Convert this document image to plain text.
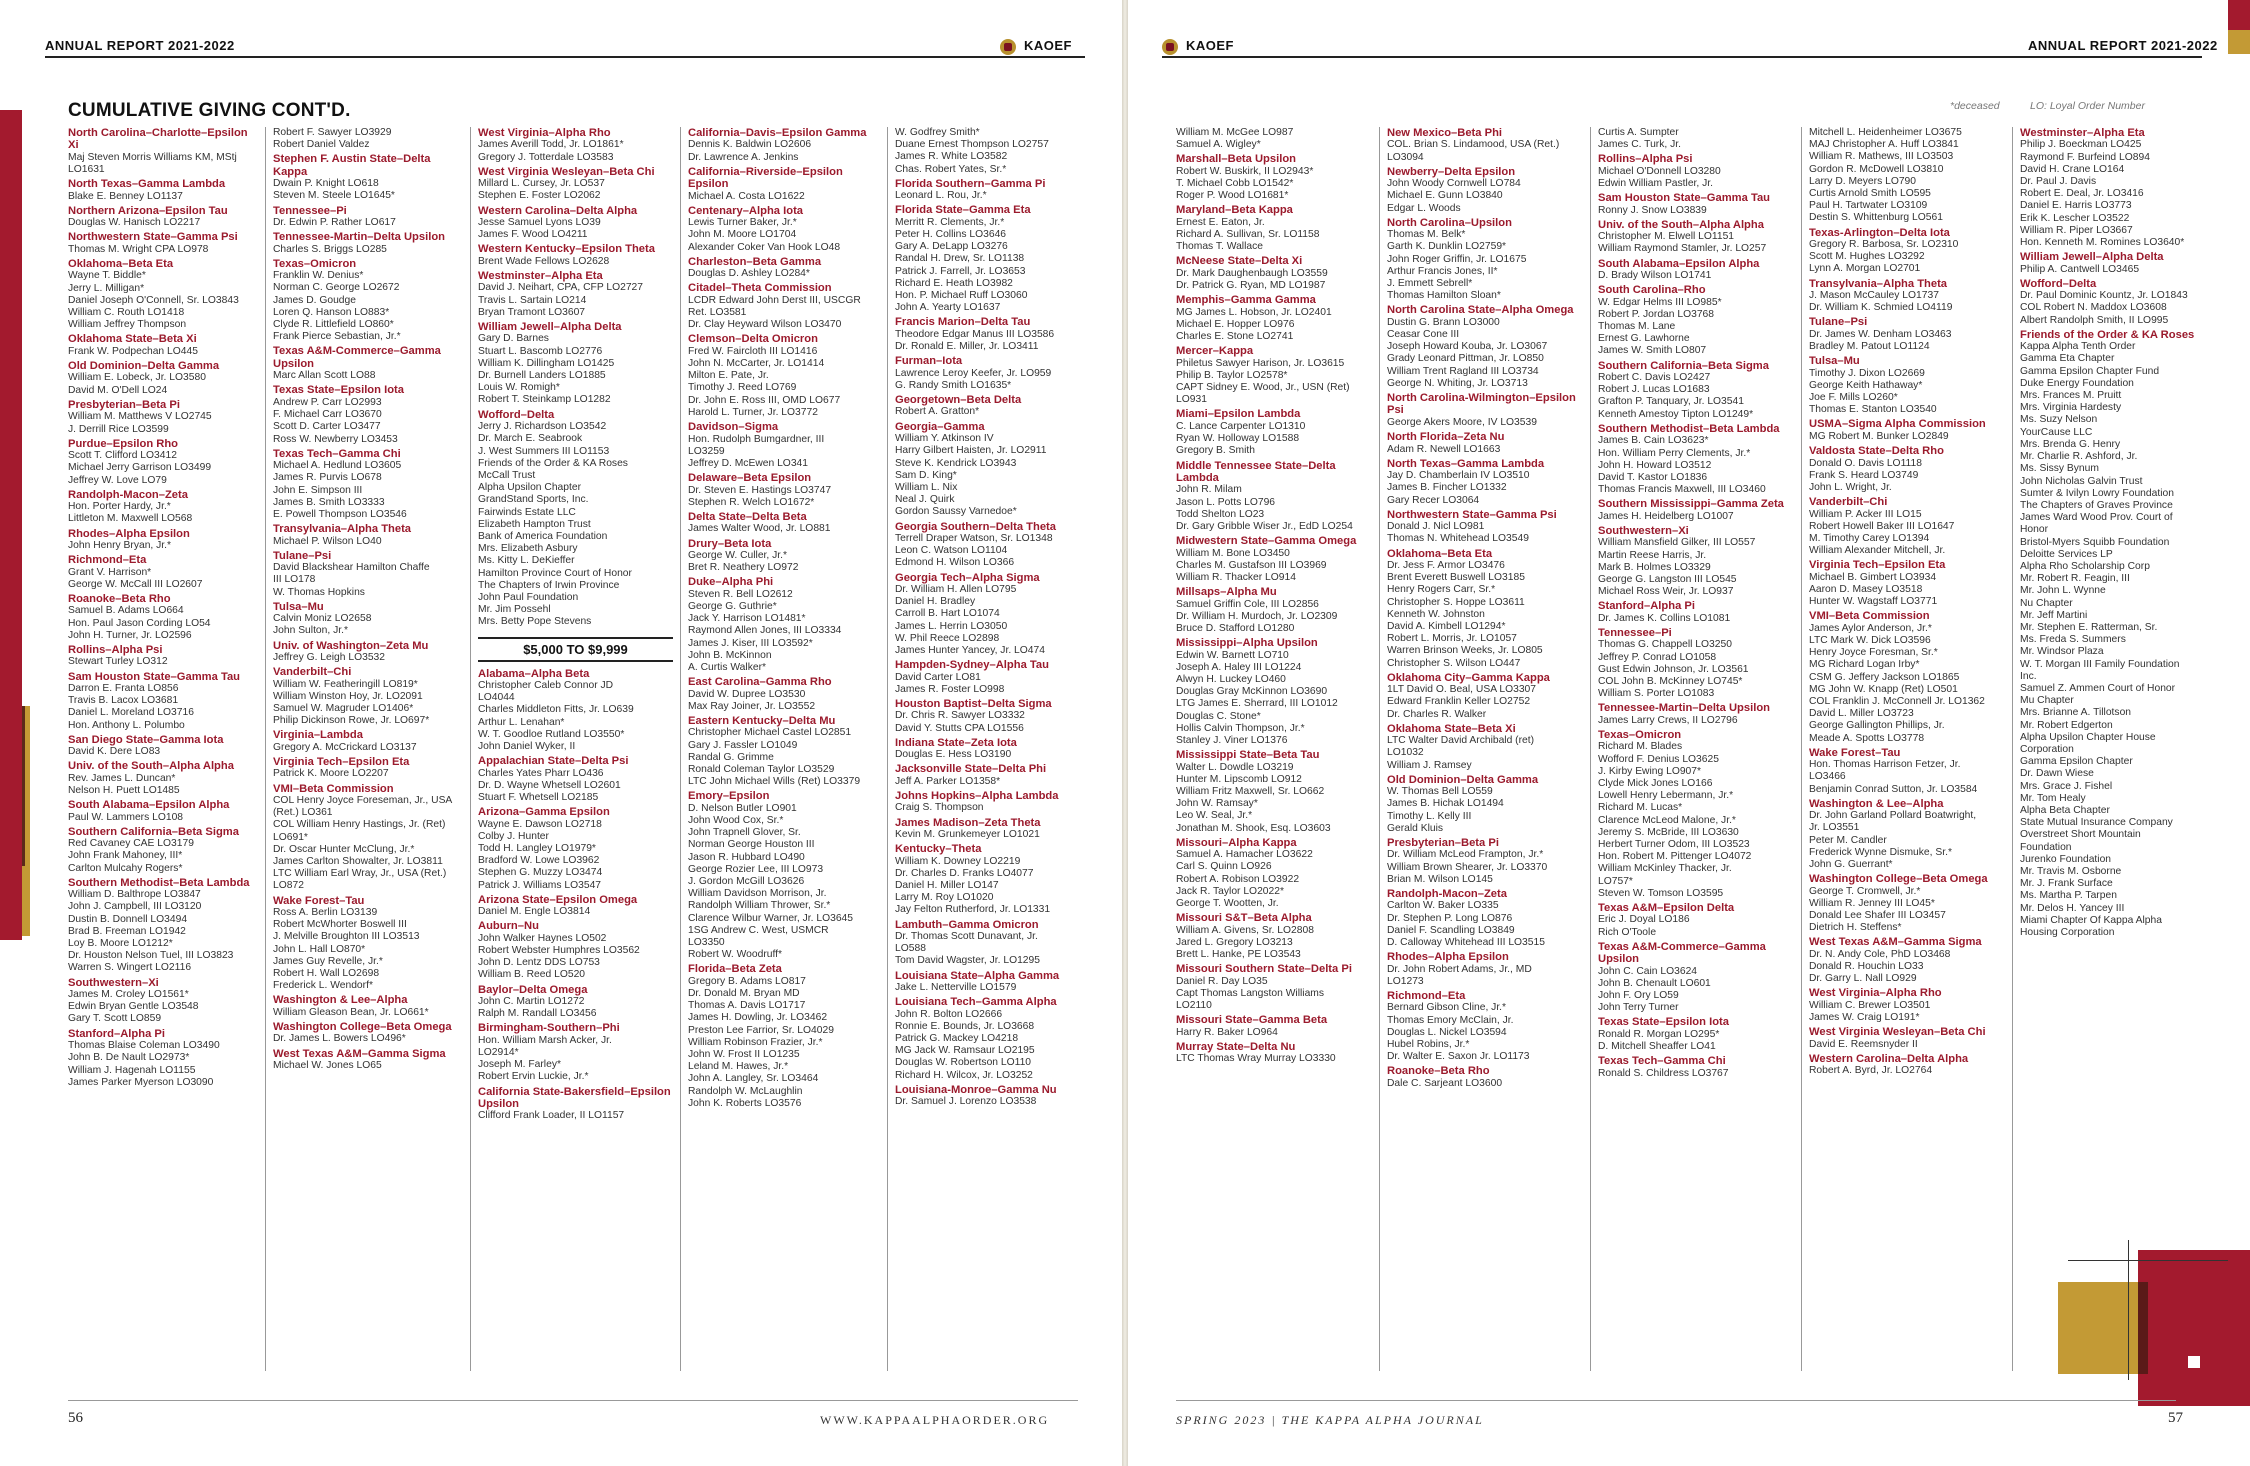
ANNUAL REPORT 2021-2022	KAOEF
CUMULATIVE GIVING CONT'D.
North Carolina–Charlotte–Epsilon Xi
Maj Steven Morris Williams KM, MStj
LO1631
North Texas–Gamma Lambda
Blake E. Benney LO1137
Northern Arizona–Epsilon Tau
Douglas W. Hanisch LO2217
Northwestern State–Gamma Psi
Thomas M. Wright CPA LO978
Oklahoma–Beta Eta
Wayne T. Biddle*
Jerry L. Milligan*
Daniel Joseph O'Connell, Sr. LO3843
William C. Routh LO1418
William Jeffrey Thompson
Oklahoma State–Beta Xi
Frank W. Podpechan LO445
Old Dominion–Delta Gamma
William E. Lobeck, Jr. LO3580
David M. O'Dell LO24
Presbyterian–Beta Pi
William M. Matthews V LO2745
J. Derrill Rice LO3599
Purdue–Epsilon Rho
Scott T. Clifford LO3412
Michael Jerry Garrison LO3499
Jeffrey W. Love LO79
Randolph-Macon–Zeta
Hon. Porter Hardy, Jr.*
Littleton M. Maxwell LO568
Rhodes–Alpha Epsilon
John Henry Bryan, Jr.*
Richmond–Eta
Grant V. Harrison*
George W. McCall III LO2607
Roanoke–Beta Rho
Samuel B. Adams LO664
Hon. Paul Jason Cording LO54
John H. Turner, Jr. LO2596
Rollins–Alpha Psi
Stewart Turley LO312
Sam Houston State–Gamma Tau
Darron E. Franta LO856
Travis B. Lacox LO3681
Daniel L. Moreland LO3716
Hon. Anthony L. Polumbo
San Diego State–Gamma Iota
David K. Dere LO83
Univ. of the South–Alpha Alpha
Rev. James L. Duncan*
Nelson H. Puett LO1485
South Alabama–Epsilon Alpha
Paul W. Lammers LO108
Southern California–Beta Sigma
Red Cavaney CAE LO3179
John Frank Mahoney, III*
Carlton Mulcahy Rogers*
Southern Methodist–Beta Lambda
William D. Balthrope LO3847
John J. Campbell, III LO3120
Dustin B. Donnell LO3494
Brad B. Freeman LO1942
Loy B. Moore LO1212*
Dr. Houston Nelson Tuel, III LO3823
Warren S. Wingert LO2116
Southwestern–Xi
James M. Croley LO1561*
Edwin Bryan Gentle LO3548
Gary T. Scott LO859
Stanford–Alpha Pi
Thomas Blaise Coleman LO3490
John B. De Nault LO2973*
William J. Hagenah LO1155
James Parker Myerson LO3090
Robert F. Sawyer LO3929
Robert Daniel Valdez
Stephen F. Austin State–Delta Kappa
Dwain P. Knight LO618
Steven M. Steele LO1645*
Tennessee–Pi
Dr. Edwin P. Rather LO617
Tennessee-Martin–Delta Upsilon
Charles S. Briggs LO285
Texas–Omicron
Franklin W. Denius*
Norman C. George LO2672
James D. Goudge
Loren Q. Hanson LO883*
Clyde R. Littlefield LO860*
Frank Pierce Sebastian, Jr.*
Texas A&M-Commerce–Gamma Upsilon
Marc Allan Scott LO88
Texas State–Epsilon Iota
Andrew P. Carr LO2993
F. Michael Carr LO3670
Scott D. Carter LO3477
Ross W. Newberry LO3453
Texas Tech–Gamma Chi
Michael A. Hedlund LO3605
James R. Purvis LO678
John E. Simpson III
James B. Smith LO3333
E. Powell Thompson LO3546
Transylvania–Alpha Theta
Michael P. Wilson LO40
Tulane–Psi
David Blackshear Hamilton Chaffe
III LO178
W. Thomas Hopkins
Tulsa–Mu
Calvin Moniz LO2658
John Sulton, Jr.*
Univ. of Washington–Zeta Mu
Jeffrey G. Leigh LO3532
Vanderbilt–Chi
William W. Featheringill LO819*
William Winston Hoy, Jr. LO2091
Samuel W. Magruder LO1406*
Philip Dickinson Rowe, Jr. LO697*
Virginia–Lambda
Gregory A. McCrickard LO3137
Virginia Tech–Epsilon Eta
Patrick K. Moore LO2207
VMI–Beta Commission
COL Henry Joyce Foreseman, Jr., USA
(Ret.) LO361
COL William Henry Hastings, Jr. (Ret)
LO691*
Dr. Oscar Hunter McClung, Jr.*
James Carlton Showalter, Jr. LO3811
LTC William Earl Wray, Jr., USA (Ret.)
LO872
Wake Forest–Tau
Ross A. Berlin LO3139
Robert McWhorter Boswell III
J. Melville Broughton III LO3513
John L. Hall LO870*
James Guy Revelle, Jr.*
Robert H. Wall LO2698
Frederick L. Wendorf*
Washington & Lee–Alpha
William Gleason Bean, Jr. LO661*
Washington College–Beta Omega
Dr. James L. Bowers LO496*
West Texas A&M–Gamma Sigma
Michael W. Jones LO65
West Virginia–Alpha Rho
James Averill Todd, Jr. LO1861*
Gregory J. Totterdale LO3583
West Virginia Wesleyan–Beta Chi
Millard L. Cursey, Jr. LO537
Stephen E. Foster LO2062
Western Carolina–Delta Alpha
Jesse Samuel Lyons LO39
James F. Wood LO4211
Western Kentucky–Epsilon Theta
Brent Wade Fellows LO2628
Westminster–Alpha Eta
David J. Neihart, CPA, CFP LO2727
Travis L. Sartain LO214
Bryan Tramont LO3607
William Jewell–Alpha Delta
Gary D. Barnes
Stuart L. Bascomb LO2776
William K. Dillingham LO1425
Dr. Burnell Landers LO1885
Louis W. Romigh*
Robert T. Steinkamp LO1282
Wofford–Delta
Jerry J. Richardson LO3542
Dr. March E. Seabrook
J. West Summers III LO1153
Friends of the Order & KA Roses
McCall Trust
Alpha Upsilon Chapter
GrandStand Sports, Inc.
Fairwinds Estate LLC
Elizabeth Hampton Trust
Bank of America Foundation
Mrs. Elizabeth Asbury
Ms. Kitty L. DeKieffer
Hamilton Province Court of Honor
The Chapters of Irwin Province
John Paul Foundation
Mr. Jim Possehl
Mrs. Betty Pope Stevens
$5,000 TO $9,999
Alabama–Alpha Beta
Christopher Caleb Connor JD
LO4044
Charles Middleton Fitts, Jr. LO639
Arthur L. Lenahan*
W. T. Goodloe Rutland LO3550*
John Daniel Wyker, II
Appalachian State–Delta Psi
Charles Yates Pharr LO436
Dr. D. Wayne Whetsell LO2601
Stuart F. Whetsell LO2185
Arizona–Gamma Epsilon
Wayne E. Dawson LO2718
Colby J. Hunter
Todd H. Langley LO1979*
Bradford W. Lowe LO3962
Stephen G. Muzzy LO3474
Patrick J. Williams LO3547
Arizona State–Epsilon Omega
Daniel M. Engle LO3814
Auburn–Nu
John Walker Haynes LO502
Robert Webster Humphres LO3562
John D. Lentz DDS LO753
William B. Reed LO520
Baylor–Delta Omega
John C. Martin LO1272
Ralph M. Randall LO3456
Birmingham-Southern–Phi
Hon. William Marsh Acker, Jr.
LO2914*
Joseph M. Farley*
Robert Ervin Luckie, Jr.*
California State-Bakersfield–Epsilon Upsilon
Clifford Frank Loader, II LO1157
California–Davis–Epsilon Gamma
Dennis K. Baldwin LO2606
Dr. Lawrence A. Jenkins
California–Riverside–Epsilon Epsilon
Michael A. Costa LO1622
Centenary–Alpha Iota
Lewis Turner Baker, Jr.*
John M. Moore LO1704
Alexander Coker Van Hook LO48
Charleston–Beta Gamma
Douglas D. Ashley LO284*
Citadel–Theta Commission
LCDR Edward John Derst III, USCGR
Ret. LO3581
Dr. Clay Heyward Wilson LO3470
Clemson–Delta Omicron
Fred W. Faircloth III LO1416
John N. McCarter, Jr. LO1414
Milton E. Pate, Jr.
Timothy J. Reed LO769
Dr. John E. Ross III, OMD LO677
Harold L. Turner, Jr. LO3772
Davidson–Sigma
Hon. Rudolph Bumgardner, III
LO3259
Jeffrey D. McEwen LO341
Delaware–Beta Epsilon
Dr. Steven E. Hastings LO3747
Stephen R. Welch LO1672*
Delta State–Delta Beta
James Walter Wood, Jr. LO881
Drury–Beta Iota
George W. Culler, Jr.*
Bret R. Neathery LO972
Duke–Alpha Phi
Steven R. Bell LO2612
George G. Guthrie*
Jack Y. Harrison LO1481*
Raymond Allen Jones, III LO3334
James J. Kiser, III LO3592*
John B. McKinnon
A. Curtis Walker*
East Carolina–Gamma Rho
David W. Dupree LO3530
Max Ray Joiner, Jr. LO3552
Eastern Kentucky–Delta Mu
Christopher Michael Castel LO2851
Gary J. Fassler LO1049
Randal G. Grimme
Ronald Coleman Taylor LO3529
LTC John Michael Wills (Ret) LO3379
Emory–Epsilon
D. Nelson Butler LO901
John Wood Cox, Sr.*
John Trapnell Glover, Sr.
Norman George Houston III
Jason R. Hubbard LO490
George Rozier Lee, III LO973
J. Gordon McGill LO3626
William Davidson Morrison, Jr.
Randolph William Thrower, Sr.*
Clarence Wilbur Warner, Jr. LO3645
1SG Andrew C. West, USMCR
LO3350
Robert W. Woodruff*
Florida–Beta Zeta
Gregory B. Adams LO817
Dr. Donald M. Bryan MD
Thomas A. Davis LO1717
James H. Dowling, Jr. LO3462
Preston Lee Farrior, Sr. LO4029
William Robinson Frazier, Jr.*
John W. Frost II LO1235
Leland M. Hawes, Jr.*
John A. Langley, Sr. LO3464
Randolph W. McLaughlin
John K. Roberts LO3576
W. Godfrey Smith*
Duane Ernest Thompson LO2757
James R. White LO3582
Chas. Robert Yates, Sr.*
Florida Southern–Gamma Pi
Leonard L. Rou, Jr.*
Florida State–Gamma Eta
Merritt R. Clements, Jr.*
Peter H. Collins LO3646
Gary A. DeLapp LO3276
Randal H. Drew, Sr. LO1138
Patrick J. Farrell, Jr. LO3653
Richard E. Heath LO3982
Hon. P. Michael Ruff LO3060
John A. Yearty LO1637
Francis Marion–Delta Tau
Theodore Edgar Manus III LO3586
Dr. Ronald E. Miller, Jr. LO3411
Furman–Iota
Lawrence Leroy Keefer, Jr. LO959
G. Randy Smith LO1635*
Georgetown–Beta Delta
Robert A. Gratton*
Georgia–Gamma
William Y. Atkinson IV
Harry Gilbert Haisten, Jr. LO2911
Steve K. Kendrick LO3943
Sam D. King*
William L. Nix
Neal J. Quirk
Gordon Saussy Varnedoe*
Georgia Southern–Delta Theta
Terrell Draper Watson, Sr. LO1348
Leon C. Watson LO1104
Edmond H. Wilson LO366
Georgia Tech–Alpha Sigma
Dr. William H. Allen LO795
Daniel H. Bradley
Carroll B. Hart LO1074
James L. Herrin LO3050
W. Phil Reece LO2898
James Hunter Yancey, Jr. LO474
Hampden-Sydney–Alpha Tau
David Carter LO81
James R. Foster LO998
Houston Baptist–Delta Sigma
Dr. Chris R. Sawyer LO3332
David Y. Stutts CPA LO1556
Indiana State–Zeta Iota
Douglas E. Hess LO3190
Jacksonville State–Delta Phi
Jeff A. Parker LO1358*
Johns Hopkins–Alpha Lambda
Craig S. Thompson
James Madison–Zeta Theta
Kevin M. Grunkemeyer LO1021
Kentucky–Theta
William K. Downey LO2219
Dr. Charles D. Franks LO4077
Daniel H. Miller LO147
Larry M. Roy LO1020
Jay Felton Rutherford, Jr. LO1331
Lambuth–Gamma Omicron
Dr. Thomas Scott Dunavant, Jr.
LO588
Tom David Wagster, Jr. LO1295
Louisiana State–Alpha Gamma
Jake L. Netterville LO1579
Louisiana Tech–Gamma Alpha
John R. Bolton LO2666
Ronnie E. Bounds, Jr. LO3668
Patrick G. Mackey LO4218
MG Jack W. Ramsaur LO2195
Douglas W. Robertson LO110
Richard H. Wilcox, Jr. LO3252
Louisiana-Monroe–Gamma Nu
Dr. Samuel J. Lorenzo LO3538
56	WWW.KAPPAALPHAORDER.ORG
KAOEF	ANNUAL REPORT 2021-2022
*deceased	LO: Loyal Order Number
William M. McGee LO987
Samuel A. Wigley*
Marshall–Beta Upsilon
Robert W. Buskirk, II LO2943*
T. Michael Cobb LO1542*
Roger P. Wood LO1681*
Maryland–Beta Kappa
Ernest E. Eaton, Jr.
Richard A. Sullivan, Sr. LO1158
Thomas T. Wallace
McNeese State–Delta Xi
Dr. Mark Daughenbaugh LO3559
Dr. Patrick G. Ryan, MD LO1987
Memphis–Gamma Gamma
MG James L. Hobson, Jr. LO2401
Michael E. Hopper LO976
Charles E. Stone LO2741
Mercer–Kappa
Philetus Sawyer Harison, Jr. LO3615
Philip B. Taylor LO2578*
CAPT Sidney E. Wood, Jr., USN (Ret)
LO931
Miami–Epsilon Lambda
C. Lance Carpenter LO1310
Ryan W. Holloway LO1588
Gregory B. Smith
Middle Tennessee State–Delta Lambda
John R. Milam
Jason L. Potts LO796
Todd Shelton LO23
Dr. Gary Gribble Wiser Jr., EdD LO254
Midwestern State–Gamma Omega
William M. Bone LO3450
Charles M. Gustafson III LO3969
William R. Thacker LO914
Millsaps–Alpha Mu
Samuel Griffin Cole, III LO2856
Dr. William H. Murdoch, Jr. LO2309
Bruce D. Stafford LO1280
Mississippi–Alpha Upsilon
Edwin W. Barnett LO710
Joseph A. Haley III LO1224
Alwyn H. Luckey LO460
Douglas Gray McKinnon LO3690
LTG James E. Sherrard, III LO1012
Douglas C. Stone*
Hollis Calvin Thompson, Jr.*
Stanley J. Viner LO1376
Mississippi State–Beta Tau
Walter L. Dowdle LO3219
Hunter M. Lipscomb LO912
William Fritz Maxwell, Sr. LO662
John W. Ramsay*
Leo W. Seal, Jr.*
Jonathan M. Shook, Esq. LO3603
Missouri–Alpha Kappa
Samuel A. Hamacher LO3622
Carl S. Quinn LO926
Robert A. Robison LO3922
Jack R. Taylor LO2022*
George T. Wootten, Jr.
Missouri S&T–Beta Alpha
William A. Givens, Sr. LO2808
Jared L. Gregory LO3213
Brett L. Hanke, PE LO3543
Missouri Southern State–Delta Pi
Daniel R. Day LO35
Capt Thomas Langston Williams
LO2110
Missouri State–Gamma Beta
Harry R. Baker LO964
Murray State–Delta Nu
LTC Thomas Wray Murray LO3330
New Mexico–Beta Phi
COL. Brian S. Lindamood, USA (Ret.)
LO3094
Newberry–Delta Epsilon
John Woody Cornwell LO784
Michael E. Gunn LO3840
Edgar L. Woods
North Carolina–Upsilon
Thomas M. Belk*
Garth K. Dunklin LO2759*
John Roger Griffin, Jr. LO1675
Arthur Francis Jones, II*
J. Emmett Sebrell*
Thomas Hamilton Sloan*
North Carolina State–Alpha Omega
Dustin G. Brann LO3000
Ceasar Cone III
Joseph Howard Kouba, Jr. LO3067
Grady Leonard Pittman, Jr. LO850
William Trent Ragland III LO3734
George N. Whiting, Jr. LO3713
North Carolina-Wilmington–Epsilon Psi
George Akers Moore, IV LO3539
North Florida–Zeta Nu
Adam R. Newell LO1663
North Texas–Gamma Lambda
Jay D. Chamberlain IV LO3510
James B. Fincher LO1332
Gary Recer LO3064
Northwestern State–Gamma Psi
Donald J. Nicl LO981
Thomas N. Whitehead LO3549
Oklahoma–Beta Eta
Dr. Jess F. Armor LO3476
Brent Everett Buswell LO3185
Henry Rogers Carr, Sr.*
Christopher S. Hoppe LO3611
Kenneth W. Johnston
David A. Kimbell LO1294*
Robert L. Morris, Jr. LO1057
Warren Brinson Weeks, Jr. LO805
Christopher S. Wilson LO447
Oklahoma City–Gamma Kappa
1LT David O. Beal, USA LO3307
Edward Franklin Keller LO2752
Dr. Charles R. Walker
Oklahoma State–Beta Xi
LTC Walter David Archibald (ret)
LO1032
William J. Ramsey
Old Dominion–Delta Gamma
W. Thomas Bell LO559
James B. Hichak LO1494
Timothy L. Kelly III
Gerald Kluis
Presbyterian–Beta Pi
Dr. William McLeod Frampton, Jr.*
William Brown Shearer, Jr. LO3370
Brian M. Wilson LO145
Randolph-Macon–Zeta
Carlton W. Baker LO335
Dr. Stephen P. Long LO876
Daniel F. Scandling LO3849
D. Calloway Whitehead III LO3515
Rhodes–Alpha Epsilon
Dr. John Robert Adams, Jr., MD
LO1273
Richmond–Eta
Bernard Gibson Cline, Jr.*
Thomas Emory McClain, Jr.
Douglas L. Nickel LO3594
Hubel Robins, Jr.*
Dr. Walter E. Saxon Jr. LO1173
Roanoke–Beta Rho
Dale C. Sarjeant LO3600
Curtis A. Sumpter
James C. Turk, Jr.
Rollins–Alpha Psi
Michael O'Donnell LO3280
Edwin William Pastler, Jr.
Sam Houston State–Gamma Tau
Ronny J. Snow LO3839
Univ. of the South–Alpha Alpha
Christopher M. Elwell LO1151
William Raymond Stamler, Jr. LO257
South Alabama–Epsilon Alpha
D. Brady Wilson LO1741
South Carolina–Rho
W. Edgar Helms III LO985*
Robert P. Jordan LO3768
Thomas M. Lane
Ernest G. Lawhorne
James W. Smith LO807
Southern California–Beta Sigma
Robert C. Davis LO2427
Robert J. Lucas LO1683
Grafton P. Tanquary, Jr. LO3541
Kenneth Amestoy Tipton LO1249*
Southern Methodist–Beta Lambda
James B. Cain LO3623*
Hon. William Perry Clements, Jr.*
John H. Howard LO3512
David T. Kastor LO1836
Thomas Francis Maxwell, III LO3460
Southern Mississippi–Gamma Zeta
James H. Heidelberg LO1007
Southwestern–Xi
William Mansfield Gilker, III LO557
Martin Reese Harris, Jr.
Mark B. Holmes LO3329
George G. Langston III LO545
Michael Ross Weir, Jr. LO937
Stanford–Alpha Pi
Dr. James K. Collins LO1081
Tennessee–Pi
Thomas G. Chappell LO3250
Jeffrey P. Conrad LO1058
Gust Edwin Johnson, Jr. LO3561
COL John B. McKinney LO745*
William S. Porter LO1083
Tennessee-Martin–Delta Upsilon
James Larry Crews, II LO2796
Texas–Omicron
Richard M. Blades
Wofford F. Denius LO3625
J. Kirby Ewing LO907*
Clyde Mick Jones LO166
Lowell Henry Lebermann, Jr.*
Richard M. Lucas*
Clarence McLeod Malone, Jr.*
Jeremy S. McBride, III LO3630
Herbert Turner Odom, III LO3523
Hon. Robert M. Pittenger LO4072
William McKinley Thacker, Jr.
LO757*
Steven W. Tomson LO3595
Texas A&M–Epsilon Delta
Eric J. Doyal LO186
Rich O'Toole
Texas A&M-Commerce–Gamma Upsilon
John C. Cain LO3624
John B. Chenault LO601
John F. Ory LO59
John Terry Turner
Texas State–Epsilon Iota
Ronald R. Morgan LO295*
D. Mitchell Sheaffer LO41
Texas Tech–Gamma Chi
Ronald S. Childress LO3767
Mitchell L. Heidenheimer LO3675
MAJ Christopher A. Huff LO3841
William R. Mathews, III LO3503
Gordon R. McDowell LO3810
Larry D. Meyers LO790
Curtis Arnold Smith LO595
Paul H. Tartwater LO3109
Destin S. Whittenburg LO561
Texas-Arlington–Delta Iota
Gregory R. Barbosa, Sr. LO2310
Scott M. Hughes LO3292
Lynn A. Morgan LO2701
Transylvania–Alpha Theta
J. Mason McCauley LO1737
Dr. William K. Schmied LO4119
Tulane–Psi
Dr. James W. Denham LO3463
Bradley M. Patout LO1124
Tulsa–Mu
Timothy J. Dixon LO2669
George Keith Hathaway*
Joe F. Mills LO260*
Thomas E. Stanton LO3540
USMA–Sigma Alpha Commission
MG Robert M. Bunker LO2849
Valdosta State–Delta Rho
Donald O. Davis LO1118
Frank S. Heard LO3749
John L. Wright, Jr.
Vanderbilt–Chi
William P. Acker III LO15
Robert Howell Baker III LO1647
M. Timothy Carey LO1394
William Alexander Mitchell, Jr.
Virginia Tech–Epsilon Eta
Michael B. Gimbert LO3934
Aaron D. Masey LO3518
Hunter W. Wagstaff LO3771
VMI–Beta Commission
James Aylor Anderson, Jr.*
LTC Mark W. Dick LO3596
Henry Joyce Foresman, Sr.*
MG Richard Logan Irby*
CSM G. Jeffery Jackson LO1865
MG John W. Knapp (Ret) LO501
COL Franklin J. McConnell Jr. LO1362
David L. Miller LO3723
George Gallington Phillips, Jr.
Meade A. Spotts LO3778
Wake Forest–Tau
Hon. Thomas Harrison Fetzer, Jr.
LO3466
Benjamin Conrad Sutton, Jr. LO3584
Washington & Lee–Alpha
Dr. John Garland Pollard Boatwright,
Jr. LO3551
Peter M. Candler
Frederick Wynne Dismuke, Sr.*
John G. Guerrant*
Washington College–Beta Omega
George T. Cromwell, Jr.*
William R. Jenney III LO45*
Donald Lee Shafer III LO3457
Dietrich H. Steffens*
West Texas A&M–Gamma Sigma
Dr. N. Andy Cole, PhD LO3468
Donald R. Houchin LO33
Dr. Garry L. Nall LO929
West Virginia–Alpha Rho
William C. Brewer LO3501
James W. Craig LO191*
West Virginia Wesleyan–Beta Chi
David E. Reemsnyder II
Western Carolina–Delta Alpha
Robert A. Byrd, Jr. LO2764
Westminster–Alpha Eta
Philip J. Boeckman LO425
Raymond F. Burfeind LO894
David H. Crane LO164
Dr. Paul J. Davis
Robert E. Deal, Jr. LO3416
Daniel E. Harris LO3773
Erik K. Lescher LO3522
William R. Piper LO3667
Hon. Kenneth M. Romines LO3640*
William Jewell–Alpha Delta
Philip A. Cantwell LO3465
Wofford–Delta
Dr. Paul Dominic Kountz, Jr. LO1843
COL Robert N. Maddox LO3608
Albert Randolph Smith, II LO995
Friends of the Order & KA Roses
Kappa Alpha Tenth Order
Gamma Eta Chapter
Gamma Epsilon Chapter Fund
Duke Energy Foundation
Mrs. Frances M. Pruitt
Mrs. Virginia Hardesty
Ms. Suzy Nelson
YourCause LLC
Mrs. Brenda G. Henry
Mr. Charlie R. Ashford, Jr.
Ms. Sissy Bynum
John Nicholas Galvin Trust
Sumter & Ivilyn Lowry Foundation
The Chapters of Graves Province
James Ward Wood Prov. Court of
Honor
Bristol-Myers Squibb Foundation
Deloitte Services LP
Alpha Rho Scholarship Corp
Mr. Robert R. Feagin, III
Mr. John L. Wynne
Nu Chapter
Mr. Jeff Martini
Mr. Stephen E. Ratterman, Sr.
Ms. Freda S. Summers
Mr. Windsor Plaza
W. T. Morgan III Family Foundation
Inc.
Samuel Z. Ammen Court of Honor
Mu Chapter
Mrs. Brianne A. Tillotson
Mr. Robert Edgerton
Alpha Upsilon Chapter House
Corporation
Gamma Epsilon Chapter
Dr. Dawn Wiese
Mrs. Grace J. Fishel
Mr. Tom Healy
Alpha Beta Chapter
State Mutual Insurance Company
Overstreet Short Mountain
Foundation
Jurenko Foundation
Mr. Travis M. Osborne
Mr. J. Frank Surface
Ms. Martha P. Tarpen
Mr. Delos H. Yancey III
Miami Chapter Of Kappa Alpha
Housing Corporation
SPRING 2023 | THE KAPPA ALPHA JOURNAL	57
